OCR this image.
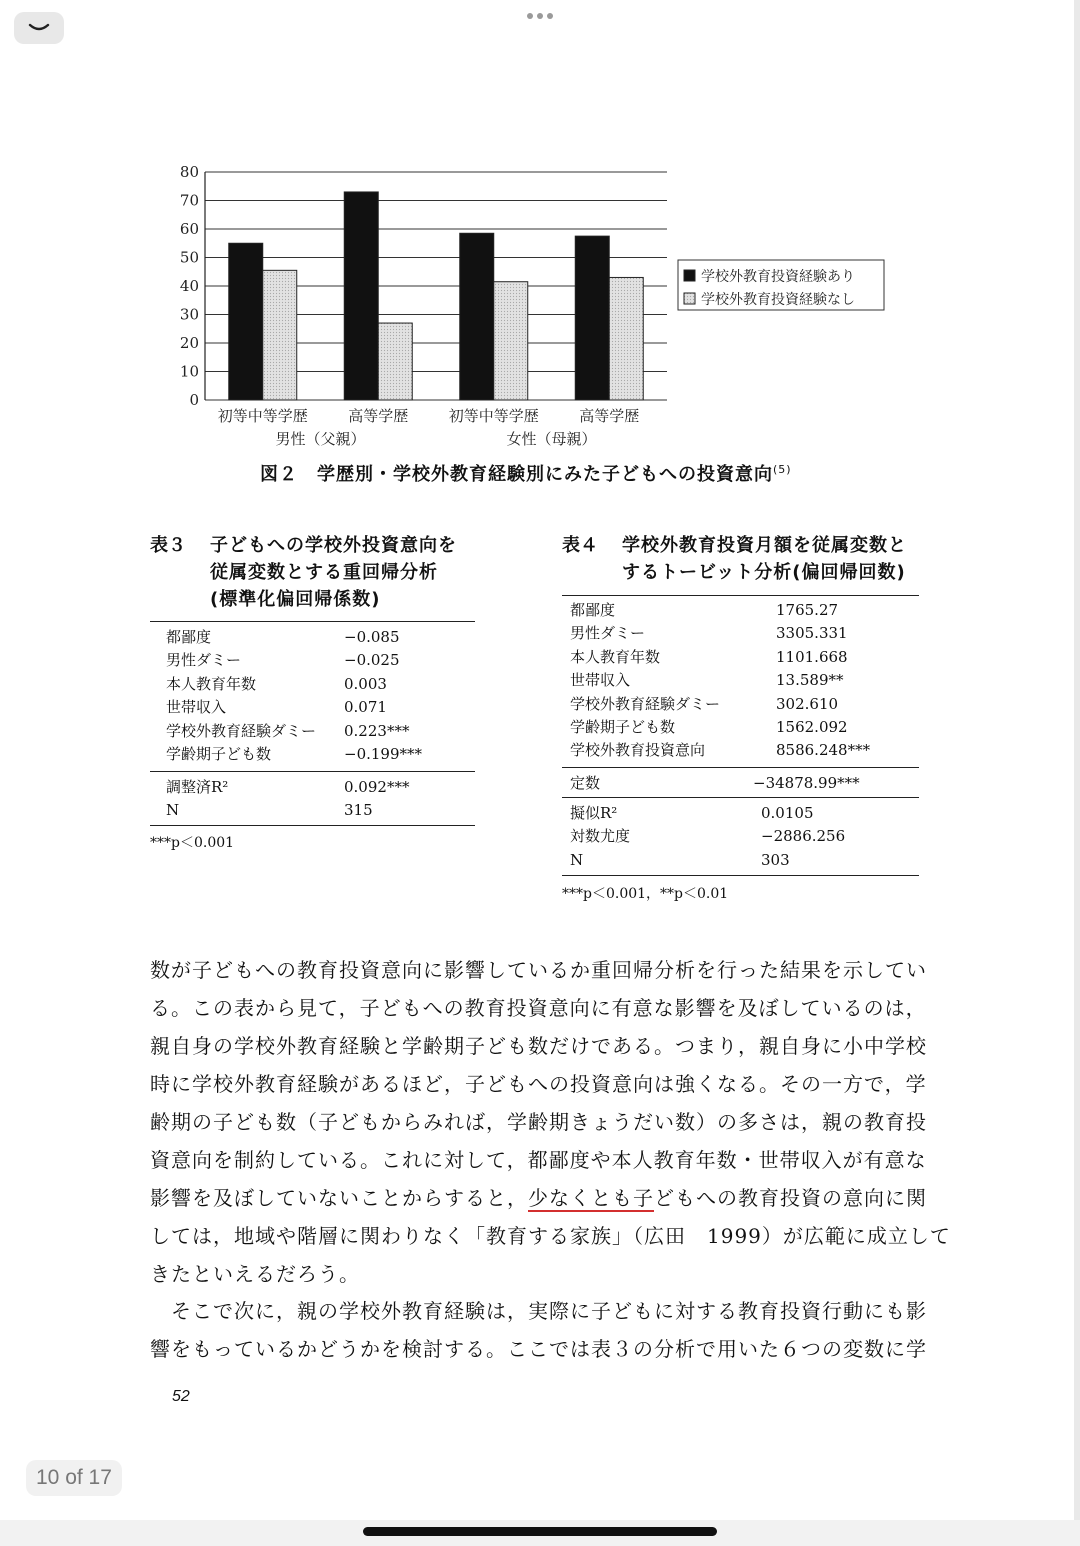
0
10
20
30
40
50
60
70
80
初等中等学歴	高等学歴	初等中等学歴	高等学歴
男性（父親）	女性（母親）
学校外教育投資経験あり
学校外教育投資経験なし
図２　学歴別・学校外教育経験別にみた子どもへの投資意向$^{(5)}$
表３ 子どもへの学校外投資意向を
従属変数とする重回帰分析
(標準化偏回帰係数)
都鄙度	−0.085
男性ダミー	−0.025
本人教育年数	0.003
世帯収入	0.071
学校外教育経験ダミー 0.223***
学齢期子ども数	−0.199***
調整済R²	0.092***
N	315
***p＜0.001
表４ 学校外教育投資月額を従属変数と
するトービット分析(偏回帰回数)
都鄙度	1765.27
男性ダミー	3305.331
本人教育年数	1101.668
世帯収入	13.589**
学校外教育経験ダミー	302.610
学齢期子ども数	1562.092
学校外教育投資意向	8586.248***
定数	−34878.99***
擬似R²	0.0105
対数尤度	−2886.256
N	303
***p＜0.001，**p＜0.01
数が子どもへの教育投資意向に影響しているか重回帰分析を行った結果を示してい
る。この表から見て，子どもへの教育投資意向に有意な影響を及ぼしているのは，
親自身の学校外教育経験と学齢期子ども数だけである。つまり，親自身に小中学校
時に学校外教育経験があるほど，子どもへの投資意向は強くなる。その一方で，学
齢期の子ども数（子どもからみれば，学齢期きょうだい数）の多さは，親の教育投
資意向を制約している。これに対して，都鄙度や本人教育年数・世帯収入が有意な
影響を及ぼしていないことからすると，少なくとも子どもへの教育投資の意向に関
しては，地域や階層に関わりなく「教育する家族」（広田　1999）が広範に成立して
きたといえるだろう。
　そこで次に，親の学校外教育経験は，実際に子どもに対する教育投資行動にも影
響をもっているかどうかを検討する。ここでは表３の分析で用いた６つの変数に学
52
10 of 17
